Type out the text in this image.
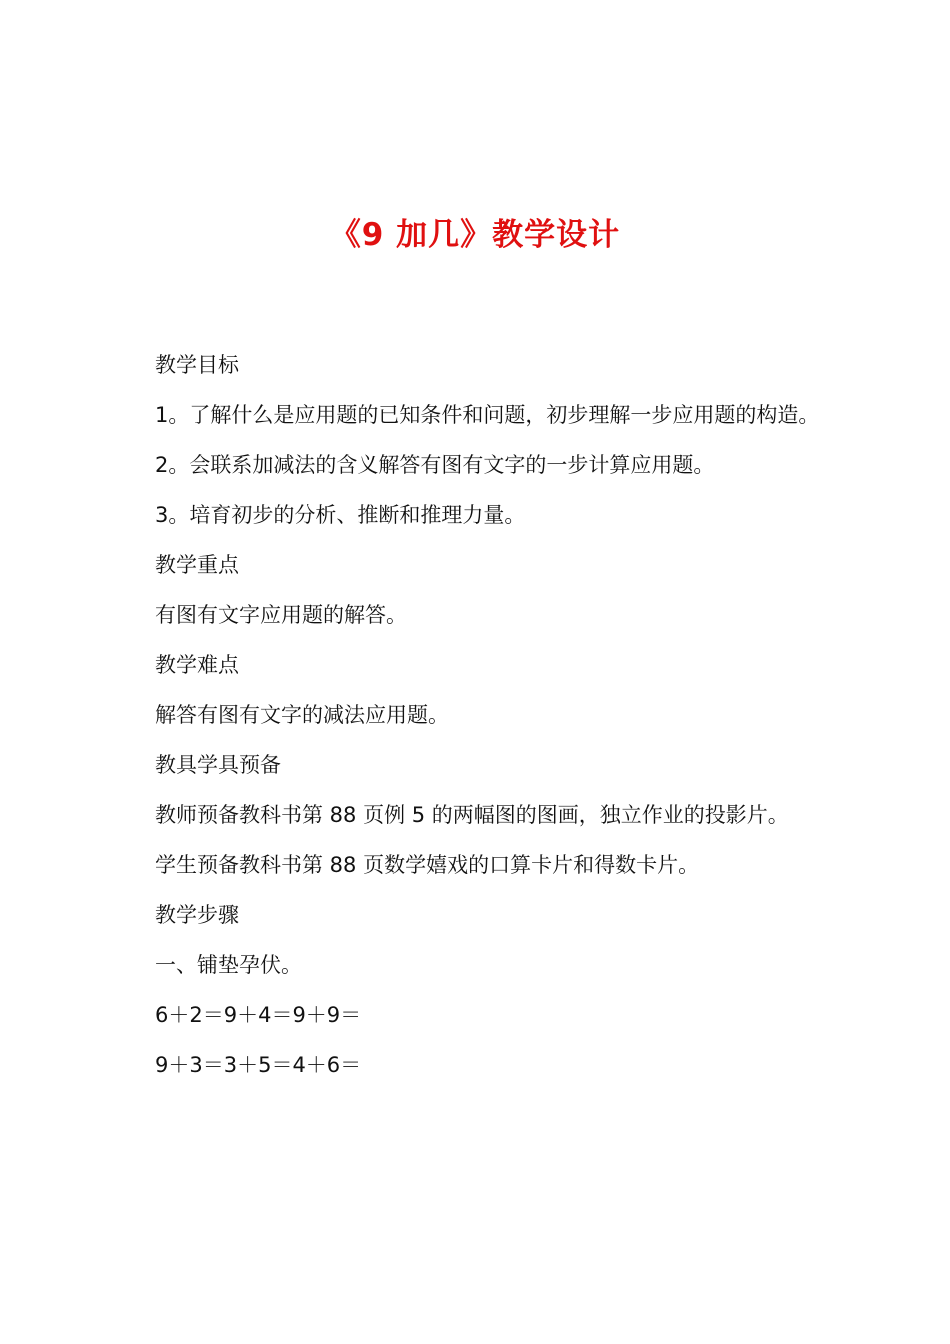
《9 加几》教学设计

教学目标

1。了解什么是应用题的已知条件和问题，初步理解一步应用题的构造。

2。会联系加减法的含义解答有图有文字的一步计算应用题。

3。培育初步的分析、推断和推理力量。

教学重点

有图有文字应用题的解答。

教学难点

解答有图有文字的减法应用题。

教具学具预备

教师预备教科书第 88 页例 5 的两幅图的图画，独立作业的投影片。

学生预备教科书第 88 页数学嬉戏的口算卡片和得数卡片。

教学步骤

一、铺垫孕伏。

6＋2＝9＋4＝9＋9＝

9＋3＝3＋5＝4＋6＝
